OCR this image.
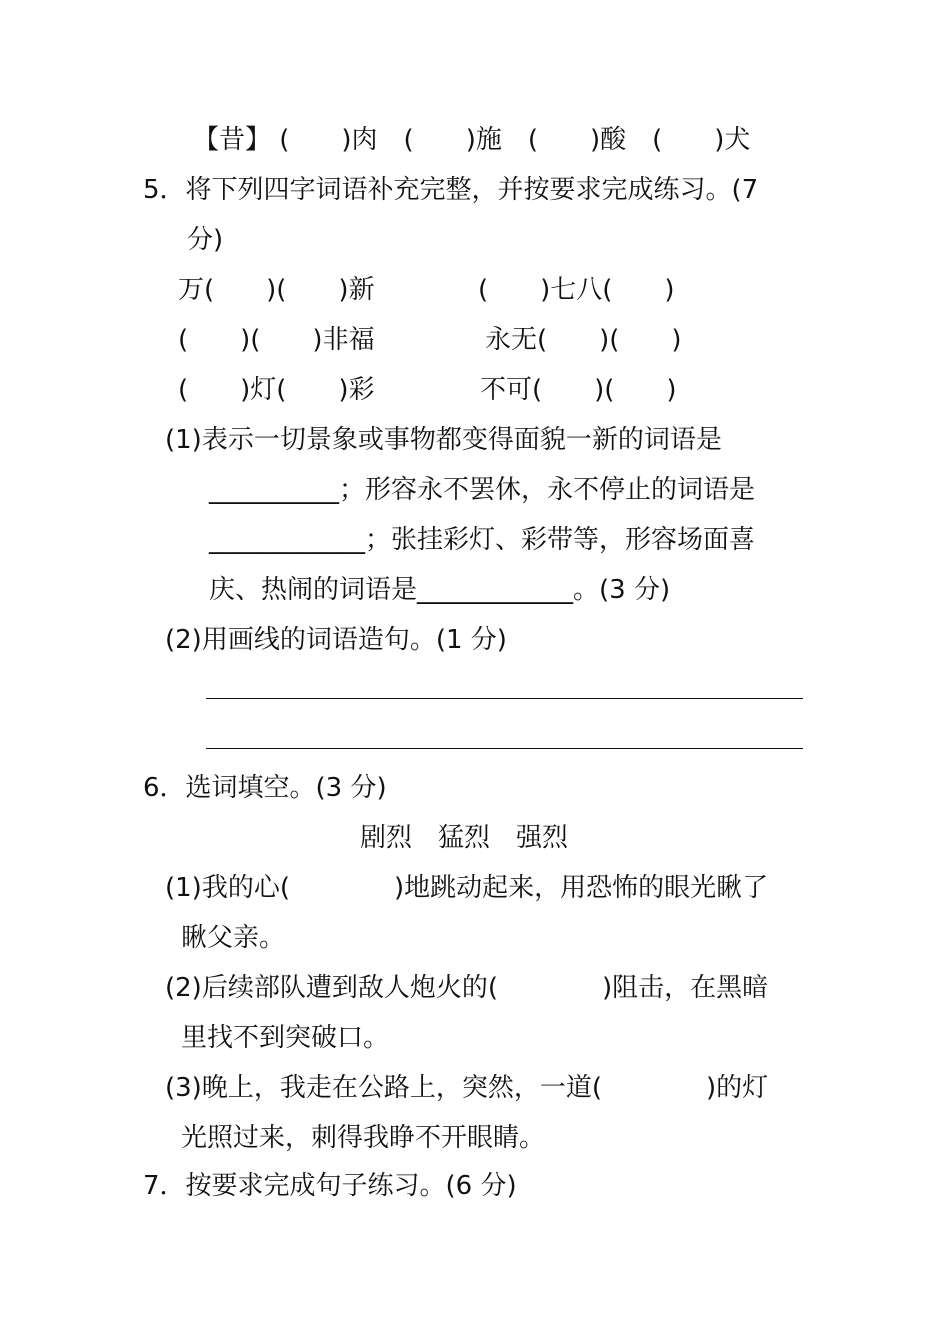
【昔】 (　　)肉　(　　)施　(　　)酸　(　　)犬
5．将下列四字词语补充完整，并按要求完成练习。(7
分)
万(　　)(　　)新	(　　)七八(　　)
(　　)(　　)非福	永无(　　)(　　)
(　　)灯(　　)彩	不可(　　)(　　)
(1)表示一切景象或事物都变得面貌一新的词语是
__________；形容永不罢休，永不停止的词语是
____________；张挂彩灯、彩带等，形容场面喜
庆、热闹的词语是____________。(3 分)
(2)用画线的词语造句。(1 分)
6．选词填空。(3 分)
剧烈　猛烈　强烈
(1)我的心(　　　　)地跳动起来，用恐怖的眼光瞅了
瞅父亲。
(2)后续部队遭到敌人炮火的(　　　　)阻击，在黑暗
里找不到突破口。
(3)晚上，我走在公路上，突然，一道(　　　　)的灯
光照过来，刺得我睁不开眼睛。
7．按要求完成句子练习。(6 分)
